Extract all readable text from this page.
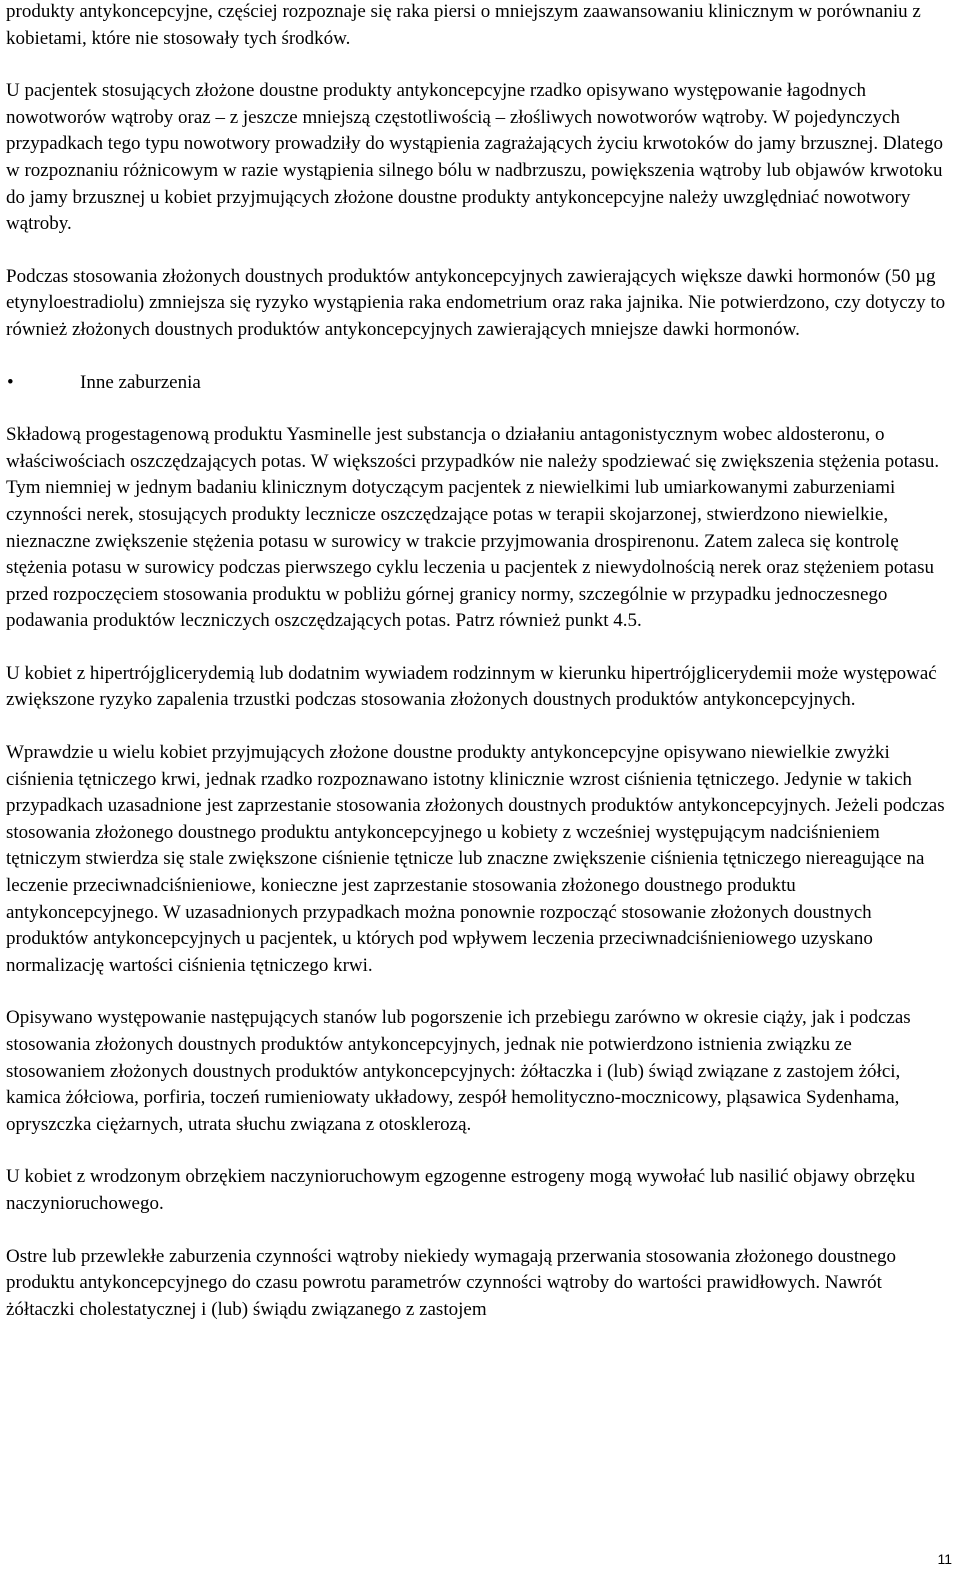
produkty antykoncepcyjne, częściej rozpoznaje się raka piersi o mniejszym zaawansowaniu klinicznym w porównaniu z kobietami, które nie stosowały tych środków.

U pacjentek stosujących złożone doustne produkty antykoncepcyjne rzadko opisywano występowanie łagodnych nowotworów wątroby oraz – z jeszcze mniejszą częstotliwością – złośliwych nowotworów wątroby. W pojedynczych przypadkach tego typu nowotwory prowadziły do wystąpienia zagrażających życiu krwotoków do jamy brzusznej. Dlatego w rozpoznaniu różnicowym w razie wystąpienia silnego bólu w nadbrzuszu, powiększenia wątroby lub objawów krwotoku do jamy brzusznej u kobiet przyjmujących złożone doustne produkty antykoncepcyjne należy uwzględniać nowotwory wątroby.

Podczas stosowania złożonych doustnych produktów antykoncepcyjnych zawierających większe dawki hormonów (50 µg etynyloestradiolu) zmniejsza się ryzyko wystąpienia raka endometrium oraz raka jajnika. Nie potwierdzono, czy dotyczy to również złożonych doustnych produktów antykoncepcyjnych zawierających mniejsze dawki hormonów.

•	Inne zaburzenia

Składową progestagenową produktu Yasminelle jest substancja o działaniu antagonistycznym wobec aldosteronu, o właściwościach oszczędzających potas. W większości przypadków nie należy spodziewać się zwiększenia stężenia potasu. Tym niemniej w jednym badaniu klinicznym dotyczącym pacjentek z niewielkimi lub umiarkowanymi zaburzeniami czynności nerek, stosujących produkty lecznicze oszczędzające potas w terapii skojarzonej, stwierdzono niewielkie, nieznaczne zwiększenie stężenia potasu w surowicy w trakcie przyjmowania drospirenonu. Zatem zaleca się kontrolę stężenia potasu w surowicy podczas pierwszego cyklu leczenia u pacjentek z niewydolnością nerek oraz stężeniem potasu przed rozpoczęciem stosowania produktu w pobliżu górnej granicy normy, szczególnie w przypadku jednoczesnego podawania produktów leczniczych oszczędzających potas. Patrz również punkt 4.5.

U kobiet z hipertrójglicerydemią lub dodatnim wywiadem rodzinnym w kierunku hipertrójglicerydemii może występować zwiększone ryzyko zapalenia trzustki podczas stosowania złożonych doustnych produktów antykoncepcyjnych.

Wprawdzie u wielu kobiet przyjmujących złożone doustne produkty antykoncepcyjne opisywano niewielkie zwyżki ciśnienia tętniczego krwi, jednak rzadko rozpoznawano istotny klinicznie wzrost ciśnienia tętniczego. Jedynie w takich przypadkach uzasadnione jest zaprzestanie stosowania złożonych doustnych produktów antykoncepcyjnych. Jeżeli podczas stosowania złożonego doustnego produktu antykoncepcyjnego u kobiety z wcześniej występującym nadciśnieniem tętniczym stwierdza się stale zwiększone ciśnienie tętnicze lub znaczne zwiększenie ciśnienia tętniczego niereagujące na leczenie przeciwnadciśnieniowe, konieczne jest zaprzestanie stosowania złożonego doustnego produktu antykoncepcyjnego. W uzasadnionych przypadkach można ponownie rozpocząć stosowanie złożonych doustnych produktów antykoncepcyjnych u pacjentek, u których pod wpływem leczenia przeciwnadciśnieniowego uzyskano normalizację wartości ciśnienia tętniczego krwi.

Opisywano występowanie następujących stanów lub pogorszenie ich przebiegu zarówno w okresie ciąży, jak i podczas stosowania złożonych doustnych produktów antykoncepcyjnych, jednak nie potwierdzono istnienia związku ze stosowaniem złożonych doustnych produktów antykoncepcyjnych: żółtaczka i (lub) świąd związane z zastojem żółci, kamica żółciowa, porfiria, toczeń rumieniowaty układowy, zespół hemolityczno-mocznicowy, pląsawica Sydenhama, opryszczka ciężarnych, utrata słuchu związana z otosklerozą.

U kobiet z wrodzonym obrzękiem naczynioruchowym egzogenne estrogeny mogą wywołać lub nasilić objawy obrzęku naczynioruchowego.

Ostre lub przewlekłe zaburzenia czynności wątroby niekiedy wymagają przerwania stosowania złożonego doustnego produktu antykoncepcyjnego do czasu powrotu parametrów czynności wątroby do wartości prawidłowych. Nawrót żółtaczki cholestatycznej i (lub) świądu związanego z zastojem

11
